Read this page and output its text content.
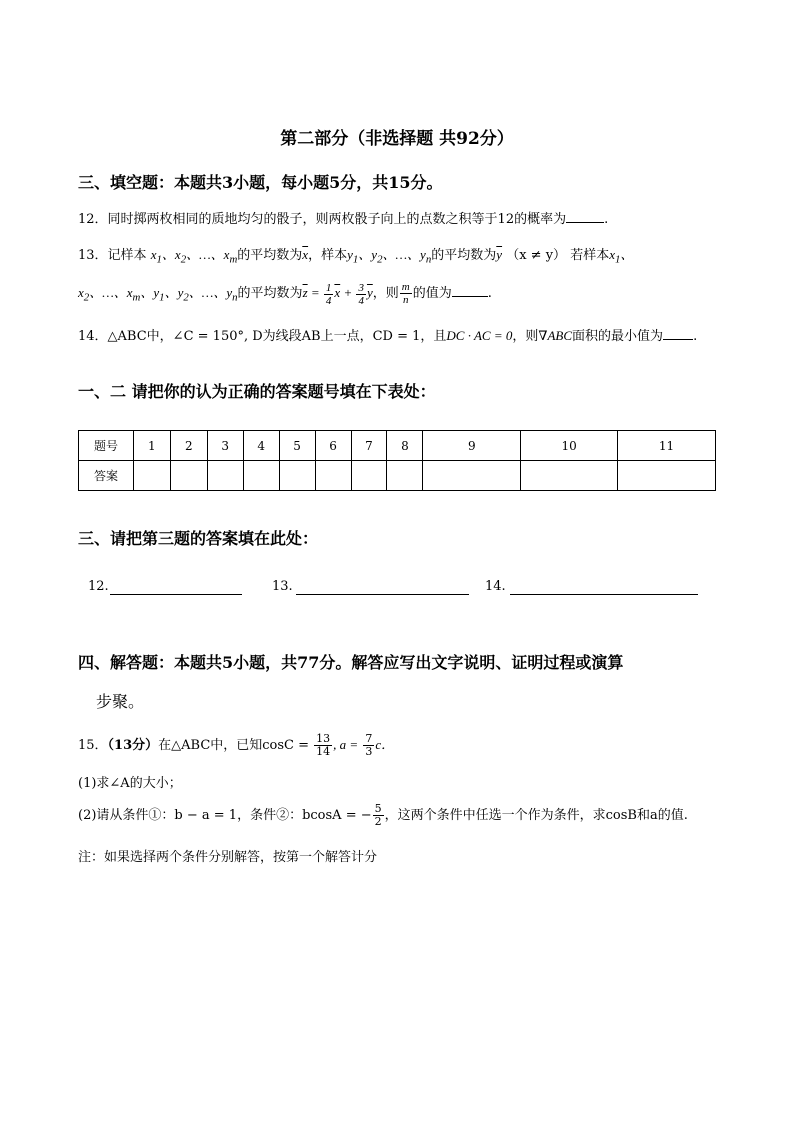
第二部分（非选择题 共92分）
三、填空题：本题共3小题，每小题5分，共15分。
12．同时掷两枚相同的质地均匀的骰子，则两枚骰子向上的点数之积等于12的概率为	.
13．记样本 $x_1$、$x_2$、…、$x_m$的平均数为$\overline{x}$，样本$y_1$、$y_2$、…、$y_n$的平均数为$\overline{y}$ （x ≠ y） 若样本$x_1$、
$x_2$、…、$x_m$、$y_1$、$y_2$、…、$y_n$的平均数为$\overline{z} = \frac{1}{4} \overline{x} + \frac{3}{4} \overline{y}$，则 $\frac{m}{n}$ 的值为	.
14．△ABC中，∠C = 150°, D为线段AB上一点，CD = 1，且DC · AC = 0，则∇ABC面积的最小值为 .
一、二 请把你的认为正确的答案题号填在下表处：
题号	1	2	3	4	5	6	7	8	9	10	11
答案											
三、请把第三题的答案填在此处：
12.	13.	14.
四、解答题：本题共5小题，共77分。解答应写出文字说明、证明过程或演算
步聚。
15．（13分）在△ABC中，已知$\cos C = \frac{13}{14}$ , $a = \frac{7}{3}$ c．
(1)求∠A的大小；
(2)请从条件①：b − a = 1，条件②：bcosA = − $\frac{5}{2}$ ，这两个条件中任选一个作为条件，求cosB和a的值.
注：如果选择两个条件分别解答，按第一个解答计分
